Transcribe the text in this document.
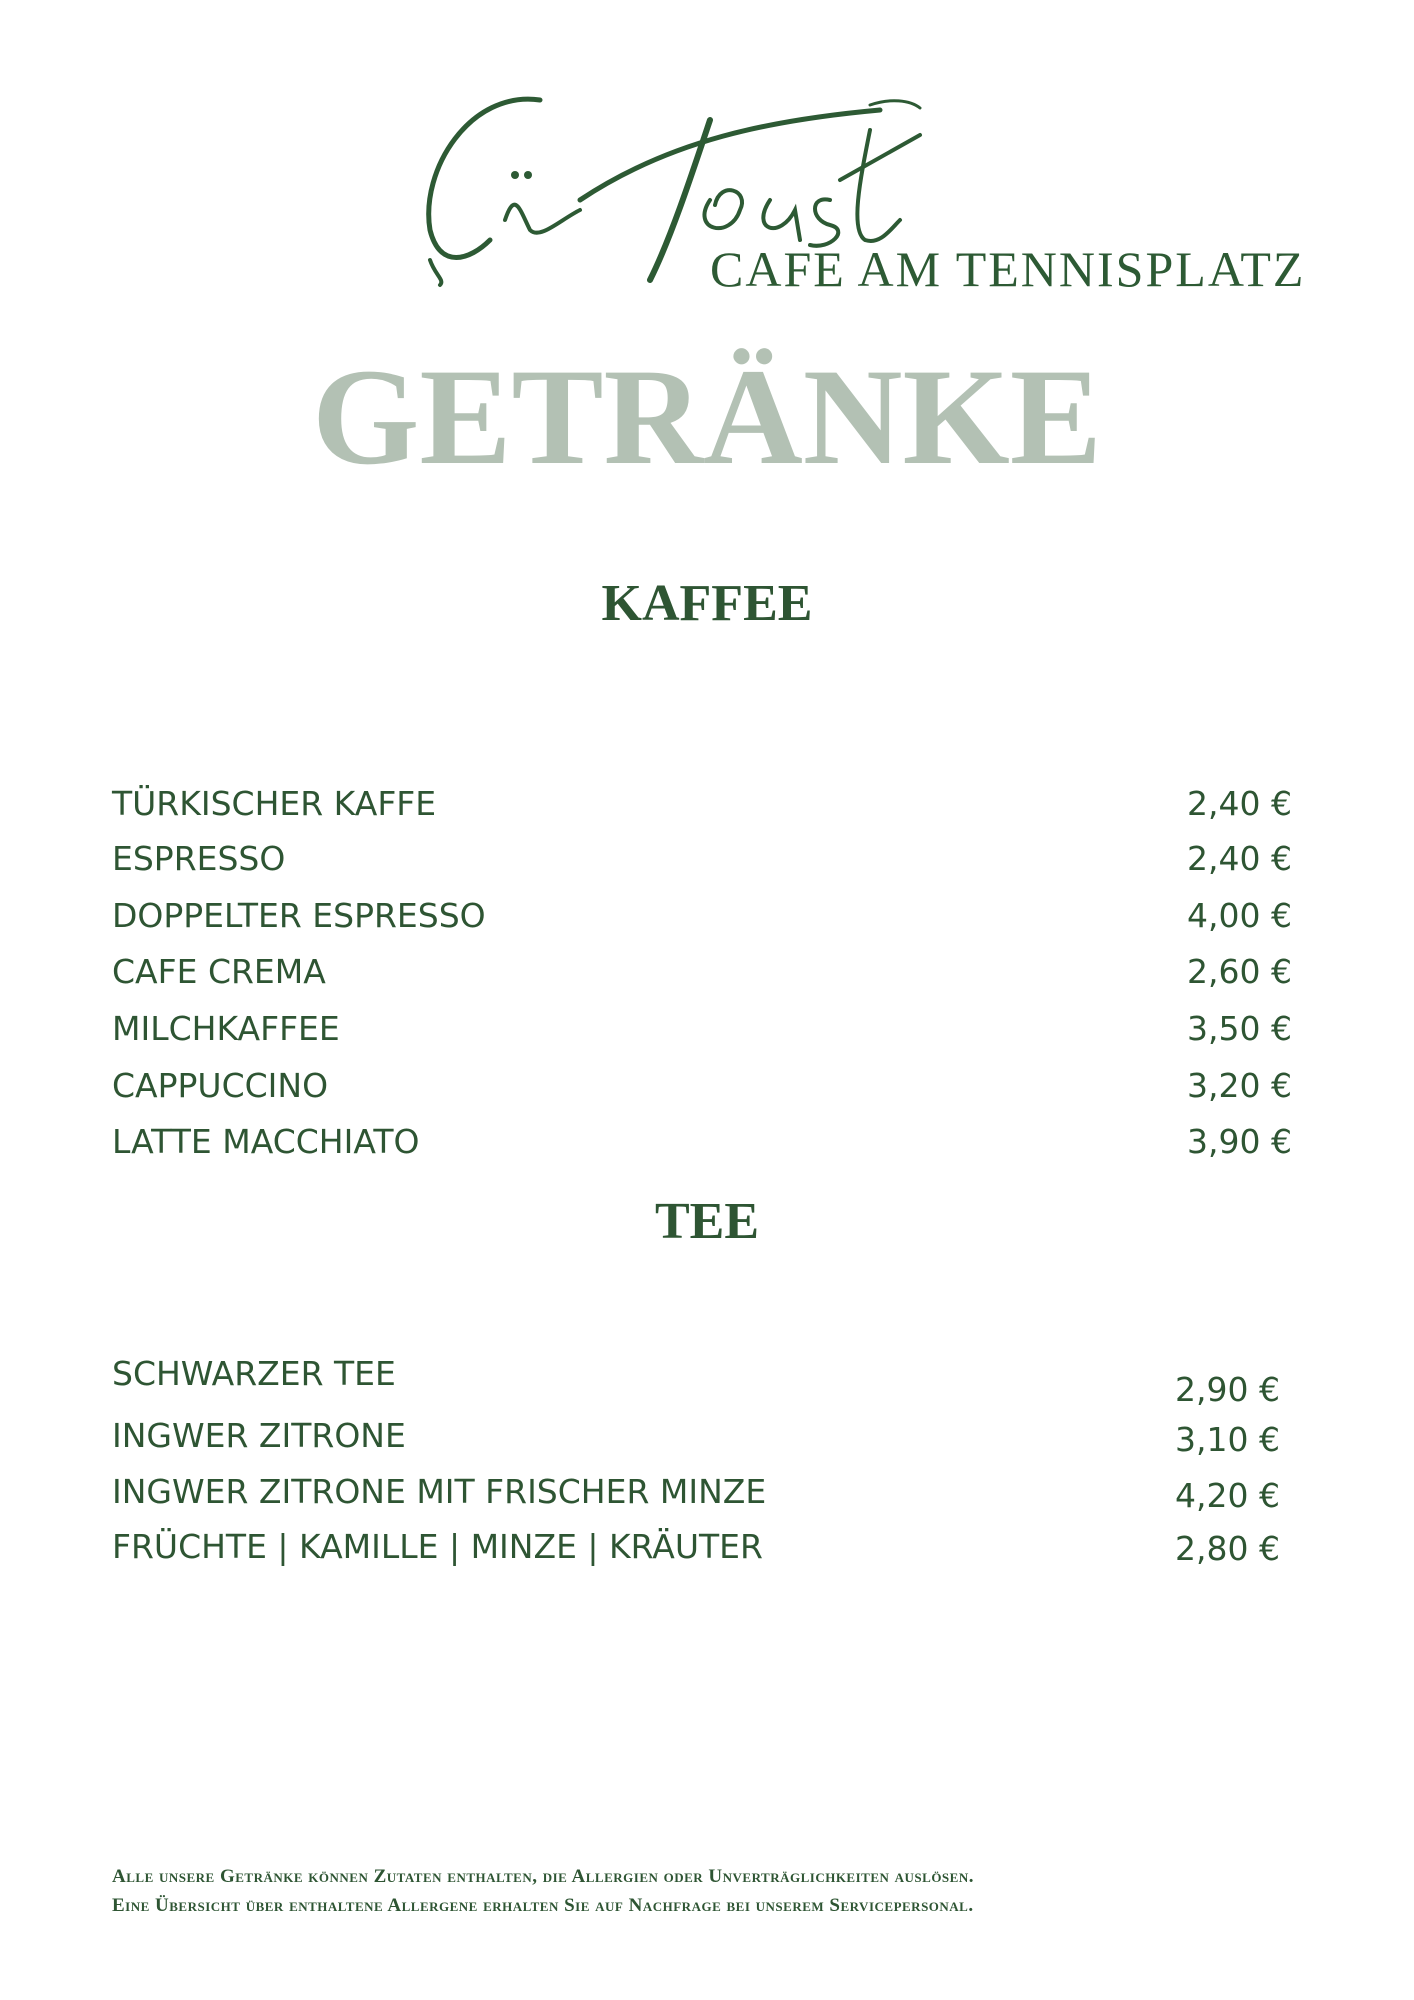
CAFE AM TENNISPLATZ
GETRÄNKE
KAFFEE
TÜRKISCHER KAFFE	2,40 €
ESPRESSO	2,40 €
DOPPELTER ESPRESSO	4,00 €
CAFE CREMA	2,60 €
MILCHKAFFEE	3,50 €
CAPPUCCINO	3,20 €
LATTE MACCHIATO	3,90 €
TEE
SCHWARZER TEE	2,90 €
INGWER ZITRONE	3,10 €
INGWER ZITRONE MIT FRISCHER MINZE	4,20 €
FRÜCHTE | KAMILLE | MINZE | KRÄUTER	2,80 €
Alle unsere Getränke können Zutaten enthalten, die Allergien oder Unverträglichkeiten auslösen.
Eine Übersicht über enthaltene Allergene erhalten Sie auf Nachfrage bei unserem Servicepersonal.
